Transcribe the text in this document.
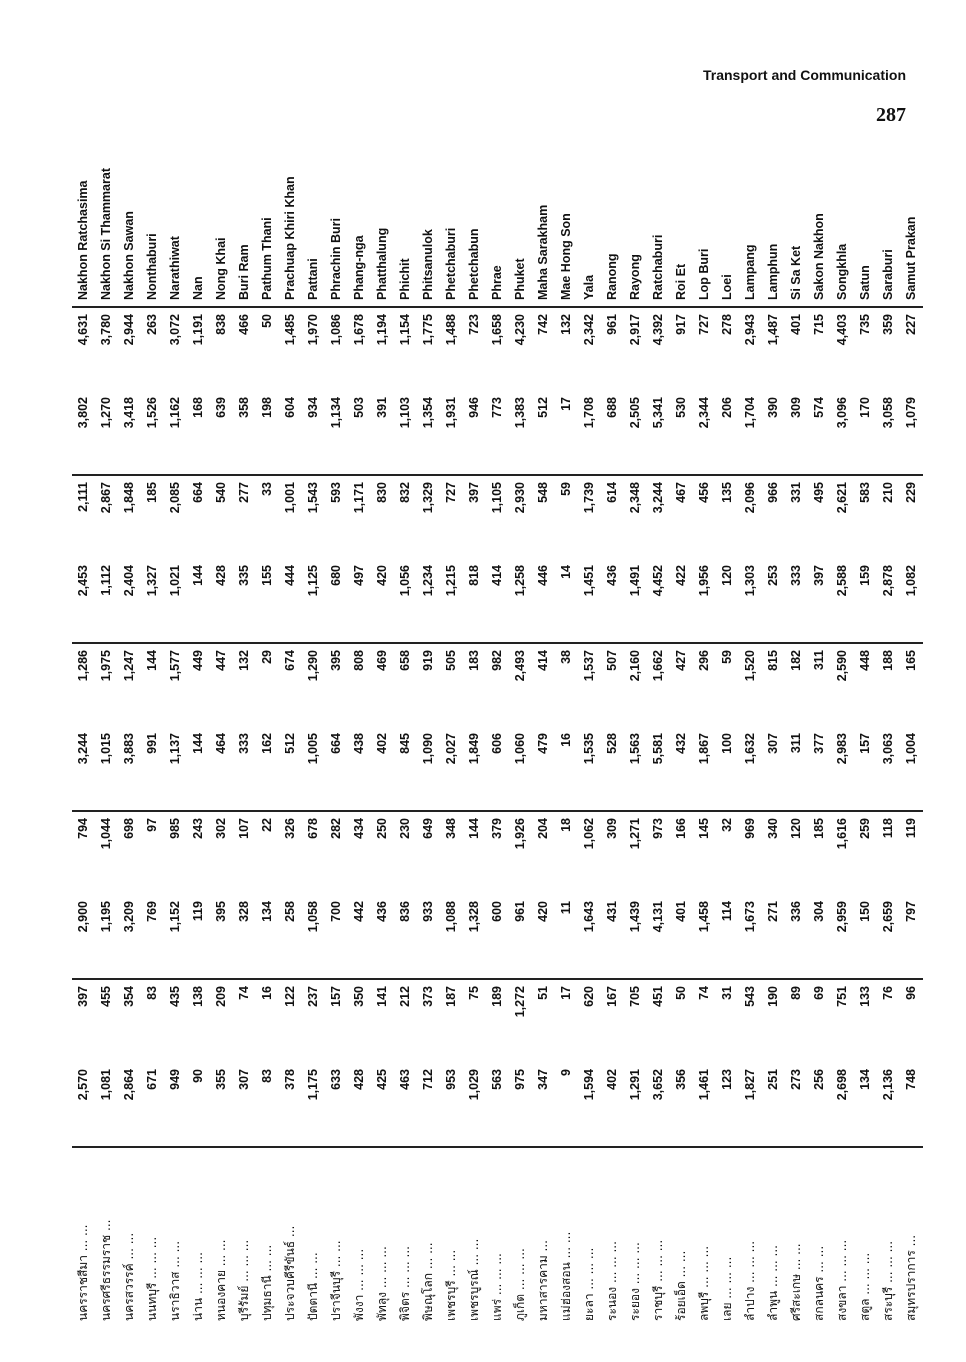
Transport and Communication
287
นครราชสีมา ... ...	2,570	397	2,900	794	3,244	1,286	2,453	2,111	3,802	4,631	Nakhon Ratchasima
นครศรีธรรมราช ...	1,081	455	1,195	1,044	1,015	1,975	1,112	2,867	1,270	3,780	Nakhon Si Thammarat
นครสวรรค์ ... ...	2,864	354	3,209	698	3,883	1,247	2,404	1,848	3,418	2,944	Nakhon Sawan
นนทบุรี ... ... ...	671	83	769	97	991	144	1,327	185	1,526	263	Nonthaburi
นราธิวาส ... ...	949	435	1,152	985	1,137	1,577	1,021	2,085	1,162	3,072	Narathiwat
น่าน ... ... ...	90	138	119	243	144	449	144	664	168	1,191	Nan
หนองคาย ... ...	355	209	395	302	464	447	428	540	639	838	Nong Khai
บุรีรัมย์ ... ... ...	307	74	328	107	333	132	335	277	358	466	Buri Ram
ปทุมธานี ... ...	83	16	134	22	162	29	155	33	198	50	Pathum Thani
ประจวบคีรีขันธ์ ...	378	122	258	326	512	674	444	1,001	604	1,485	Prachuap Khiri Khan
ปัตตานี ... ...	1,175	237	1,058	678	1,005	1,290	1,125	1,543	934	1,970	Pattani
ปราจีนบุรี ... ...	633	157	700	282	664	395	680	593	1,134	1,086	Phrachin Buri
พังงา ... ... ...	428	350	442	434	438	808	497	1,171	503	1,678	Phang-nga
พัทลุง ... ... ...	425	141	436	250	402	469	420	830	391	1,194	Phatthalung
พิจิตร ... ... ...	463	212	836	230	845	658	1,056	832	1,103	1,154	Phichit
พิษณุโลก ... ...	712	373	933	649	1,090	919	1,234	1,329	1,354	1,775	Phitsanulok
เพชรบุรี ... ...	953	187	1,088	348	2,027	505	1,215	727	1,931	1,488	Phetchaburi
เพชรบูรณ์ ... ...	1,029	75	1,328	144	1,849	183	818	397	946	723	Phetchabun
แพร่ ... ... ...	563	189	600	379	606	982	414	1,105	773	1,658	Phrae
ภูเก็ต ... ... ...	975	1,272	961	1,926	1,060	2,493	1,258	2,930	1,383	4,230	Phuket
มหาสารคาม ...	347	51	420	204	479	414	446	548	512	742	Maha Sarakham
แม่ฮ่องสอน ... ...	9	17	11	18	16	38	14	59	17	132	Mae Hong Son
ยะลา ... ... ...	1,594	620	1,643	1,062	1,535	1,537	1,451	1,739	1,708	2,342	Yala
ระนอง ... ... ...	402	167	431	309	528	507	436	614	688	961	Ranong
ระยอง ... ... ...	1,291	705	1,439	1,271	1,563	2,160	1,491	2,348	2,505	2,917	Rayong
ราชบุรี ... ... ...	3,652	451	4,131	973	5,581	1,662	4,452	3,244	5,341	4,392	Ratchaburi
ร้อยเอ็ด ... ...	356	50	401	166	432	427	422	467	530	917	Roi Et
ลพบุรี ... ... ...	1,461	74	1,458	145	1,867	296	1,956	456	2,344	727	Lop Buri
เลย ... ... ...	123	31	114	32	100	59	120	135	206	278	Loei
ลำปาง ... ... ...	1,827	543	1,673	969	1,632	1,520	1,303	2,096	1,704	2,943	Lampang
ลำพูน ... ... ...	251	190	271	340	307	815	253	966	390	1,487	Lamphun
ศรีสะเกษ ... ...	273	89	336	120	311	182	333	331	309	401	Si Sa Ket
สกลนคร ... ...	256	69	304	185	377	311	397	495	574	715	Sakon Nakhon
สงขลา ... ... ...	2,698	751	2,959	1,616	2,983	2,590	2,588	2,621	3,096	4,403	Songkhla
สตูล ... ... ...	134	133	150	259	157	448	159	583	170	735	Satun
สระบุรี ... ... ...	2,136	76	2,659	118	3,063	188	2,878	210	3,058	359	Saraburi
สมุทรปราการ ...	748	96	797	119	1,004	165	1,082	229	1,079	227	Samut Prakan
